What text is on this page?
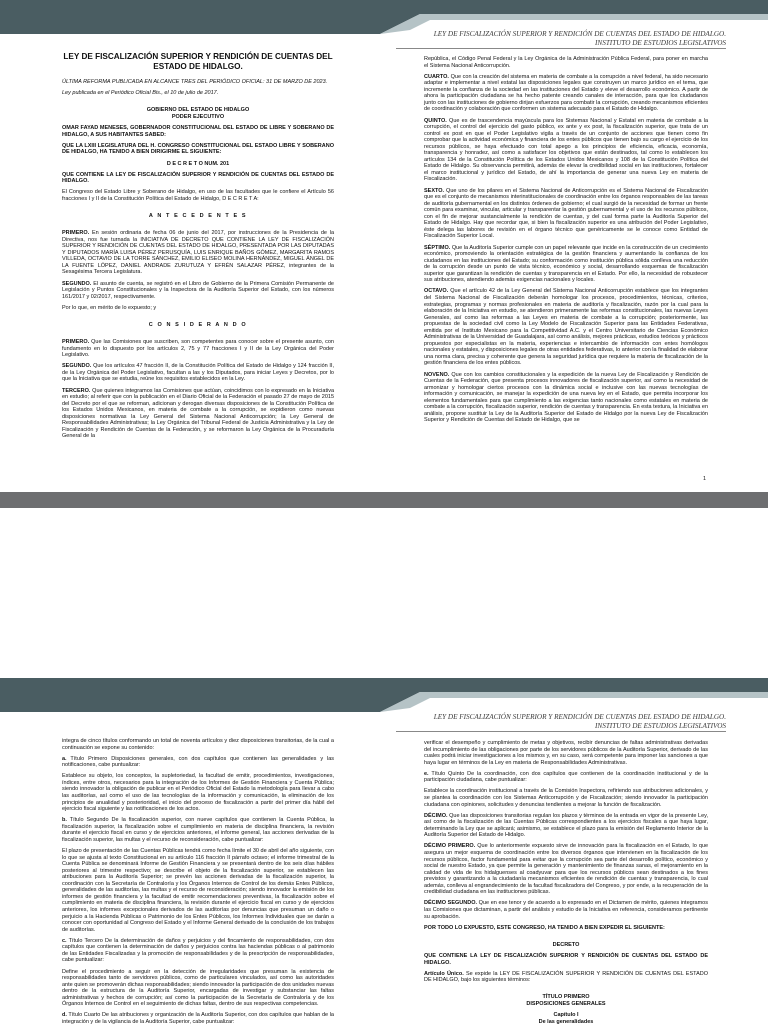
LEY DE FISCALIZACIÓN SUPERIOR Y RENDICIÓN DE CUENTAS DEL ESTADO DE HIDALGO.
INSTITUTO DE ESTUDIOS LEGISLATIVOS

LEY DE FISCALIZACIÓN SUPERIOR Y RENDICIÓN DE CUENTAS DEL ESTADO DE HIDALGO.

ÚLTIMA REFORMA PUBLICADA EN ALCANCE TRES DEL PERIÓDICO OFICIAL: 31 DE MARZO DE 2023.

Ley publicada en el Periódico Oficial Bis., el 10 de julio de 2017.

GOBIERNO DEL ESTADO DE HIDALGO

PODER EJECUTIVO

OMAR FAYAD MENESES, GOBERNADOR CONSTITUCIONAL DEL ESTADO DE LIBRE Y SOBERANO DE HIDALGO, A SUS HABITANTES SABED:

QUE LA LXIII LEGISLATURA DEL H. CONGRESO CONSTITUCIONAL DEL ESTADO LIBRE Y SOBERANO DE HIDALGO, HA TENIDO A BIEN DIRIGIRME EL SIGUIENTE:

D E C R E T O NUM. 201

QUE CONTIENE LA LEY DE FISCALIZACIÓN SUPERIOR Y RENDICIÓN DE CUENTAS DEL ESTADO DE HIDALGO.

El Congreso del Estado Libre y Soberano de Hidalgo, en uso de las facultades que le confiere el Artículo 56 fracciones I y II de la Constitución Política del Estado de Hidalgo, D E C R E T A:

A N T E C E D E N T E S

PRIMERO. En sesión ordinaria de fecha 06 de junio del 2017, por instrucciones de la Presidencia de la Directiva, nos fue turnada la INICIATIVA DE DECRETO QUE CONTIENE LA LEY DE FISCALIZACIÓN SUPERIOR Y RENDICIÓN DE CUENTAS DEL ESTADO DE HIDALGO, PRESENTADA POR LAS DIPUTADAS Y DIPUTADOS MARÍA LUISA PÉREZ PERUSQUÍA, LUIS ENRIQUE BAÑOS GÓMEZ, MARGARITA RAMOS VILLEDA, OCTAVIO DE LA TORRE SÁNCHEZ, EMILIO ELISEO MOLINA HERNÁNDEZ, MIGUEL ÁNGEL DE LA FUENTE LÓPEZ, DANIEL ANDRADE ZURUTUZA Y EFRÉN SALAZAR PÉREZ, integrantes de la Sexagésima Tercera Legislatura.

SEGUNDO. El asunto de cuenta, se registró en el Libro de Gobierno de la Primera Comisión Permanente de Legislación y Puntos Constitucionales y la Inspectora de la Auditoría Superior del Estado, con los números 161/2017 y 02/2017, respectivamente.

Por lo que, en mérito de lo expuesto; y

C O N S I D E R A N D O

PRIMERO. Que las Comisiones que suscriben, son competentes para conocer sobre el presente asunto, con fundamento en lo dispuesto por los artículos 2, 75 y 77 fracciones I y II de la Ley Orgánica del Poder Legislativo.

SEGUNDO. Que los artículos 47 fracción II, de la Constitución Política del Estado de Hidalgo y 124 fracción II, de la Ley Orgánica del Poder Legislativo, facultan a las y los Diputados, para iniciar Leyes y Decretos, por lo que la Iniciativa que se estudia, reúne los requisitos establecidos en la Ley.

TERCERO. Que quienes integramos las Comisiones que actúan, coincidimos con lo expresado en la Iniciativa en estudio; al referir que con la publicación en el Diario Oficial de la Federación el pasado 27 de mayo de 2015 del Decreto por el que se reforman, adicionan y derogan diversas disposiciones de la Constitución Política de los Estados Unidos Mexicanos, en materia de combate a la corrupción, se expidieron como nuevas disposiciones normativas la Ley General del Sistema Nacional Anticorrupción; la Ley General de Responsabilidades Administrativas; la Ley Orgánica del Tribunal Federal de Justicia Administrativa y la Ley de Fiscalización y Rendición de Cuentas de la Federación, y se reformaron la Ley Orgánica de la Procuraduría General de la

República, el Código Penal Federal y la Ley Orgánica de la Administración Pública Federal, para poner en marcha el Sistema Nacional Anticorrupción.

CUARTO. Que con la creación del sistema en materia de combate a la corrupción a nivel federal, ha sido necesario adaptar e implementar a nivel estatal las disposiciones legales que construyen un marco jurídico en el tema, que incremente la confianza de la sociedad en las instituciones del Estado y eleve el desarrollo económico. A partir de ahora la participación ciudadana se ha hecho patente creando canales de interacción, para que los ciudadanos junto con las instituciones de gobierno dirijan esfuerzos para combatir la corrupción, creando mecanismos eficientes de coordinación y colaboración que conformen un sistema adecuado para el Estado de Hidalgo.

QUINTO. Que es de trascendencia mayúscula para los Sistemas Nacional y Estatal en materia de combate a la corrupción, el control del ejercicio del gasto público, ex ante y ex post, la fiscalización superior, que trata de un control ex post en que el Poder Legislativo vigila a través de un conjunto de acciones que tienen como fin comprobar que la actividad económica y financiera de los entes públicos que tienen bajo su cargo el ejercicio de los recursos públicos, se haya efectuado con total apego a los principios de eficiencia, eficacia, economía, transparencia y honradez, así como a satisfacer los objetivos que están destinados, tal como lo establecen los artículos 134 de la Constitución Política de los Estados Unidos Mexicanos y 108 de la Constitución Política del Estado de Hidalgo. Su observancia permitirá, además de elevar la credibilidad social en las instituciones, fortalecer el marco institucional y jurídico del Estado, de ahí la importancia de generar una nueva Ley en materia de Fiscalización.

SEXTO. Que uno de los pilares en el Sistema Nacional de Anticorrupción es el Sistema Nacional de Fiscalización que es el conjunto de mecanismos interinstitucionales de coordinación entre los órganos responsables de las tareas de auditoría gubernamental en los distintos órdenes de gobierno; el cual surgió de la necesidad de formar un frente común para examinar, vincular, articular y transparentar la gestión gubernamental y el uso de los recursos públicos, con el fin de mejorar sustancialmente la rendición de cuentas, y del cual forma parte la Auditoría Superior del Estado de Hidalgo. Hay que recordar que, si bien la fiscalización superior es una atribución del Poder Legislativo, éste delega las labores de revisión en el órgano técnico que genéricamente se le conoce como Entidad de Fiscalización Superior Local.

SÉPTIMO. Que la Auditoría Superior cumple con un papel relevante que incide en la construcción de un crecimiento económico, promoviendo la orientación estratégica de la gestión financiera y aumentando la confianza de los ciudadanos en las instituciones del Estado; su conformación como institución pública sólida conlleva una reducción de la corrupción desde un punto de vista técnico, económico y social, desarrollando esquemas de fiscalización superior que garantizan la rendición de cuentas y transparencia en el Estado. Por ello, la necesidad de robustecer sus atribuciones, atendiendo además exigencias nacionales y locales.

OCTAVO. Que el artículo 42 de la Ley General del Sistema Nacional Anticorrupción establece que los integrantes del Sistema Nacional de Fiscalización deberán homologar los procesos, procedimientos, técnicas, criterios, estrategias, programas y normas profesionales en materia de auditoría y fiscalización, razón por la cual para la elaboración de la Iniciativa en estudio, se atendieron primeramente las reformas constitucionales, las nuevas Leyes Generales, así como las reformas a las Leyes en materia de combate a la corrupción; posteriormente, las propuestas de la sociedad civil como la Ley Modelo de Fiscalización Superior para las Entidades Federativas, emitida por el Instituto Mexicano para la Competitividad A.C. y el Centro Universitario de Ciencias Económico Administrativas de la Universidad de Guadalajara, así como análisis, mejores prácticas, estudios teóricos y prácticos propuestos por especialistas en la materia, experiencias e intercambio de información con entes homólogos nacionales y estatales, y disposiciones legales de otras entidades federativas, lo anterior con la finalidad de elaborar una norma clara, precisa y coherente que genera la seguridad jurídica que requiere la materia de fiscalización de la gestión financiera de los entes públicos.

NOVENO. Que con los cambios constitucionales y la expedición de la nueva Ley de Fiscalización y Rendición de Cuentas de la Federación, que presenta procesos innovadores de fiscalización superior, así como la necesidad de armonizar y homologar ciertos procesos con la dinámica social e inclusive con las nuevas tecnologías de información y comunicación, se manejar la expedición de una nueva ley en el Estado, que permita incorporar los elementos fundamentales para que cumplimiento a las exigencias tanto nacionales como estatales en materia de combate a la corrupción, fiscalización superior, rendición de cuentas y transparencia. En esta textura, la Iniciativa en análisis, propone sustituir la Ley de la Auditoría Superior del Estado de Hidalgo por la nueva Ley de Fiscalización Superior y Rendición de Cuentas del Estado de Hidalgo, que se

1
LEY DE FISCALIZACIÓN SUPERIOR Y RENDICIÓN DE CUENTAS DEL ESTADO DE HIDALGO.
INSTITUTO DE ESTUDIOS LEGISLATIVOS

integra de cinco títulos conformando un total de noventa artículos y diez disposiciones transitorias, de la cual a continuación se expone su contenido:

a. Título Primero Disposiciones generales, con dos capítulos que contienen las generalidades y las notificaciones, cabe puntualizar:

Establece su objeto, los conceptos, la supletoriedad, la facultad de emitir, procedimientos, investigaciones, índices, entre otros, necesarios para la integración de los Informes de Gestión Financiera y Cuenta Pública; siendo innovador la obligación de publicar en el Periódico Oficial del Estado la metodología para llevar a cabo las auditorías, así como el uso de las tecnologías de la información y comunicación, la eliminación de los principios de anualidad y posterioridad, el inicio del proceso de fiscalización a partir del primer día hábil del ejercicio fiscal siguiente y las notificaciones de los actos.

b. Título Segundo De la fiscalización superior, con nueve capítulos que contienen la Cuenta Pública, la fiscalización superior, la fiscalización sobre el cumplimiento en materia de disciplina financiera, la revisión durante el ejercicio fiscal en curso y de ejercicios anteriores, el informe general, las acciones derivadas de la fiscalización superior, las multas y el recurso de reconsideración, cabe puntualizar:

El plazo de presentación de las Cuentas Públicas tendrá como fecha límite el 30 de abril del año siguiente, con lo que se ajusta al texto Constitucional en su artículo 116 fracción II párrafo octavo; el informe trimestral de la Cuenta Pública se denominará Informe de Gestión Financiera y se presentará dentro de los seis días hábiles posteriores al trimestre respectivo; se describe el objeto de la fiscalización superior, se establecen las atribuciones para la Auditoría Superior; se prevén las acciones derivadas de la fiscalización superior, la coordinación con la Secretaría de Contraloría y los Órganos Internos de Control de los demás Entes Públicos, generalidades de las auditorías, las multas y el recurso de reconsideración; siendo innovador la emisión de los informes de gestión financiera y la facultad de emitir recomendaciones preventivas, la fiscalización sobre el cumplimiento en materia de disciplina financiera, la revisión durante el ejercicio fiscal en curso y de ejercicios anteriores, los informes excepcionales derivados de las auditorías por denuncias que presuman un daño o perjuicio a la Hacienda Públicas o Patrimonio de los Entes Públicos, los Informes Individuales que se darán a conocer con oportunidad al Congreso del Estado y el Informe General derivado de la conclusión de los trabajos de auditorías.

c. Título Tercero De la determinación de daños y perjuicios y del fincamiento de responsabilidades, con dos capítulos que contienen la determinación de daños y perjuicios contra las haciendas públicas o al patrimonio de las Entidades Fiscalizadas y la promoción de responsabilidades y de la prescripción de responsabilidades, cabe puntualizar:

Define el procedimiento a seguir en la detección de irregularidades que presuman la existencia de responsabilidades tanto de servidores públicos, como de particulares vinculados, así como las autoridades ante quien se promoverán dichas responsabilidades; siendo innovador la participación de dos unidades nuevas dentro de la estructura de la Auditoría Superior, encargadas de investigar y substanciar las faltas administrativas y hechos de corrupción; así como la participación de la Secretaría de Contraloría y de los Órganos Internos de Control en el seguimiento de dichas faltas, dentro de sus respectivas competencias.

d. Título Cuarto De las atribuciones y organización de la Auditoría Superior, con dos capítulos que hablan de la integración y de la vigilancia de la Auditoría Superior, cabe puntualizar:

verificar el desempeño y cumplimiento de metas y objetivos, recibir denuncias de faltas administrativas derivadas del incumplimiento de las obligaciones por parte de los servidores públicos de la Auditoría Superior, derivado de las cuales podrá iniciar investigaciones a los mismos y, en su caso, será competente para imponer las sanciones a que haya lugar en términos de la Ley en materia de Responsabilidades Administrativas.

e. Título Quinto De la coordinación, con dos capítulos que contienen de la coordinación institucional y de la participación ciudadana, cabe puntualizar:

Establece la coordinación institucional a través de la Comisión Inspectora, refiriendo sus atribuciones adicionales, y se plantea la coordinación con los Sistemas Anticorrupción y de Fiscalización; siendo innovador la participación ciudadana con opiniones, solicitudes y denuncias tendientes a mejorar la función de fiscalización.

DÉCIMO. Que las disposiciones transitorias regulan los plazos y términos de la entrada en vigor de la presente Ley, así como de la fiscalización de las Cuentas Públicas correspondientes a los ejercicios fiscales a que haya lugar, determinando la Ley que se aplicará; asimismo, se establece el plazo para la emisión del Reglamento Interior de la Auditoría Superior del Estado de Hidalgo.

DÉCIMO PRIMERO. Que lo anteriormente expuesto sirve de innovación para la fiscalización en el Estado, lo que asegura un mejor esquema de coordinación entre los diversos órganos que intervienen en la fiscalización de los recursos públicos, factor fundamental para evitar que la corrupción sea parte del desarrollo político, económico y social de nuestro Estado, ya que permite la generación y mantenimiento de finanzas sanas, el mejoramiento en la calidad de vida de los hidalguenses al coadyuvar para que los recursos públicos sean destinados a los fines previstos y garantizando a la ciudadanía mecanismos eficientes de rendición de cuentas y transparencia, lo cual además, conlleva al engrandecimiento de la facultad fiscalizadora del Congreso, y por ende, a la recuperación de la credibilidad ciudadana en las instituciones públicas.

DÉCIMO SEGUNDO. Que en ese tenor y de acuerdo a lo expresado en el Dictamen de mérito, quienes integramos las Comisiones que dictaminan, a partir del análisis y estudio de la Iniciativa en referencia, consideramos pertinente su aprobación.

POR TODO LO EXPUESTO, ESTE CONGRESO, HA TENIDO A BIEN EXPEDIR EL SIGUIENTE:

DECRETO

QUE CONTIENE LA LEY DE FISCALIZACIÓN SUPERIOR Y RENDICIÓN DE CUENTAS DEL ESTADO DE HIDALGO.

Artículo Único. Se expide la LEY DE FISCALIZACIÓN SUPERIOR Y RENDICIÓN DE CUENTAS DEL ESTADO DE HIDALGO, bajo los siguientes términos:

TÍTULO PRIMERO

DISPOSICIONES GENERALES

Capítulo I

De las generalidades
